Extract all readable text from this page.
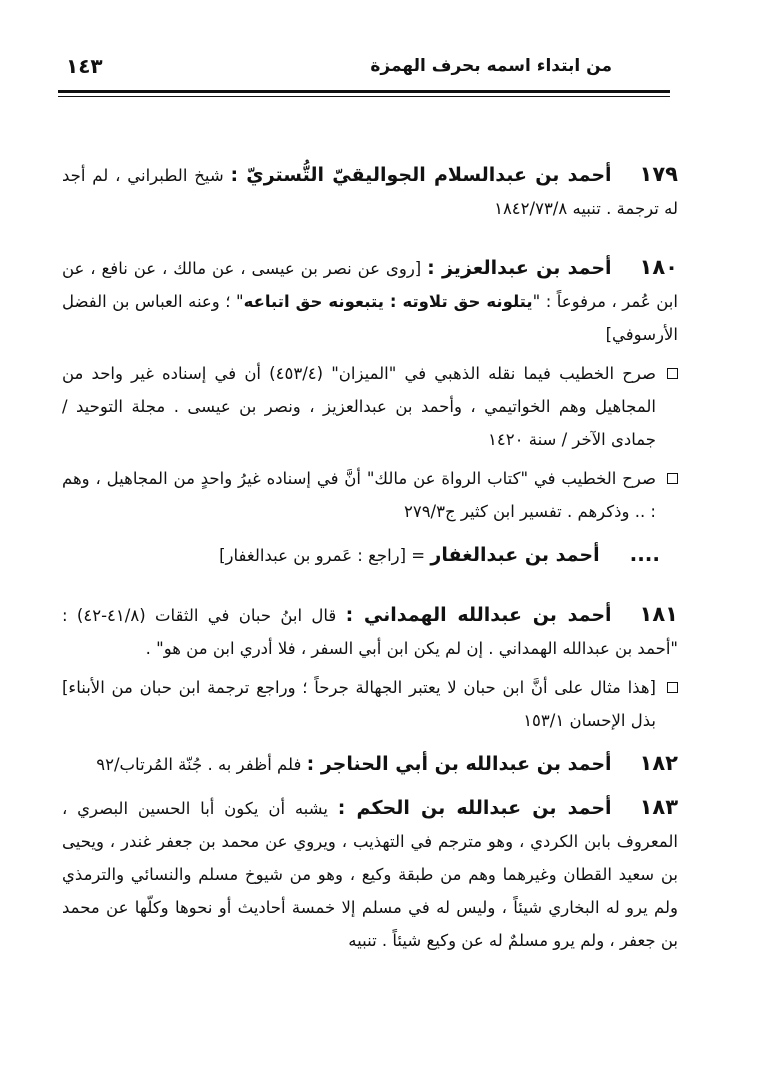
من ابتداء اسمه بحرف الهمزة
١٤٣

١٧٩أحمد بن عبدالسلام الجواليقيّ التُّستريّ : شيخ الطبراني ، لم أجد له ترجمة . تنبيه ١٨٤٢/٧٣/٨

١٨٠أحمد بن عبدالعزيز : [روى عن نصر بن عيسى ، عن مالك ، عن نافع ، عن ابن عُمر ، مرفوعاً : "يتلونه حق تلاوته : يتبعونه حق اتباعه" ؛ وعنه العباس بن الفضل الأرسوفي]

صرح الخطيب فيما نقله الذهبي في "الميزان" (٤٥٣/٤) أن في إسناده غير واحد من المجاهيل وهم الخواتيمي ، وأحمد بن عبدالعزيز ، ونصر بن عيسى . مجلة التوحيد / جمادى الآخر / سنة ١٤٢٠

صرح الخطيب في "كتاب الرواة عن مالك" أنَّ في إسناده غيرُ واحدٍ من المجاهيل ، وهم : .. وذكرهم . تفسير ابن كثير ج٢٧٩/٣

....أحمد بن عبدالغفار = [راجع : عَمرو بن عبدالغفار]

١٨١أحمد بن عبدالله الهمداني : قال ابنُ حبان في الثقات (٤١/٨-٤٢) : "أحمد بن عبدالله الهمداني . إن لم يكن ابن أبي السفر ، فلا أدري ابن من هو" .

[هذا مثال على أنَّ ابن حبان لا يعتبر الجهالة جرحاً ؛ وراجع ترجمة ابن حبان من الأبناء] بذل الإحسان ١٥٣/١

١٨٢أحمد بن عبدالله بن أبي الحناجر : فلم أظفر به . جُنّة المُرتاب/٩٢

١٨٣أحمد بن عبدالله بن الحكم : يشبه أن يكون أبا الحسين البصري ، المعروف بابن الكردي ، وهو مترجم في التهذيب ، ويروي عن محمد بن جعفر غندر ، ويحيى بن سعيد القطان وغيرهما وهم من طبقة وكيع ، وهو من شيوخ مسلم والنسائي والترمذي ولم يرو له البخاري شيئاً ، وليس له في مسلم إلا خمسة أحاديث أو نحوها وكلّها عن محمد بن جعفر ، ولم يرو مسلمٌ له عن وكيع شيئاً . تنبيه
